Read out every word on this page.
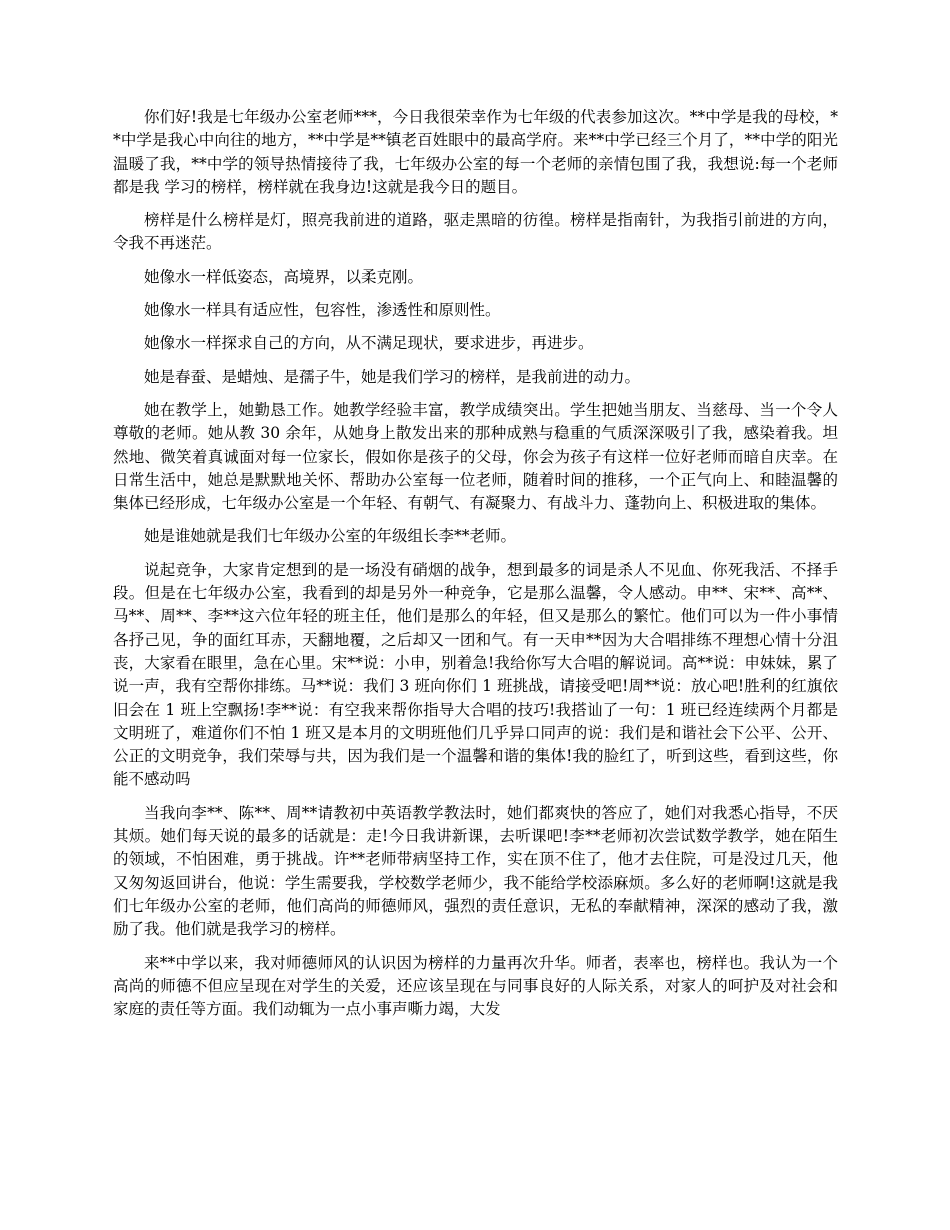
你们好!我是七年级办公室老师***，今日我很荣幸作为七年级的代表参加这次。**中学是我的母校，**中学是我心中向往的地方，**中学是**镇老百姓眼中的最高学府。来**中学已经三个月了，**中学的阳光温暖了我，**中学的领导热情接待了我，七年级办公室的每一个老师的亲情包围了我，我想说:每一个老师都是我 学习的榜样，榜样就在我身边!这就是我今日的题目。

榜样是什么榜样是灯，照亮我前进的道路，驱走黑暗的彷徨。榜样是指南针，为我指引前进的方向，令我不再迷茫。

她像水一样低姿态，高境界，以柔克刚。

她像水一样具有适应性，包容性，渗透性和原则性。

她像水一样探求自己的方向，从不满足现状，要求进步，再进步。

她是春蚕、是蜡烛、是孺子牛，她是我们学习的榜样，是我前进的动力。

她在教学上，她勤恳工作。她教学经验丰富，教学成绩突出。学生把她当朋友、当慈母、当一个令人尊敬的老师。她从教 30 余年，从她身上散发出来的那种成熟与稳重的气质深深吸引了我，感染着我。坦然地、微笑着真诚面对每一位家长，假如你是孩子的父母，你会为孩子有这样一位好老师而暗自庆幸。在日常生活中，她总是默默地关怀、帮助办公室每一位老师，随着时间的推移，一个正气向上、和睦温馨的集体已经形成，七年级办公室是一个年轻、有朝气、有凝聚力、有战斗力、蓬勃向上、积极进取的集体。

她是谁她就是我们七年级办公室的年级组长李**老师。

说起竞争，大家肯定想到的是一场没有硝烟的战争，想到最多的词是杀人不见血、你死我活、不择手段。但是在七年级办公室，我看到的却是另外一种竞争，它是那么温馨，令人感动。申**、宋**、高**、马**、周**、李**这六位年轻的班主任，他们是那么的年轻，但又是那么的繁忙。他们可以为一件小事情各抒己见，争的面红耳赤，天翻地覆，之后却又一团和气。有一天申**因为大合唱排练不理想心情十分沮丧，大家看在眼里，急在心里。宋**说：小申，别着急!我给你写大合唱的解说词。高**说：申妹妹，累了说一声，我有空帮你排练。马**说：我们 3 班向你们 1 班挑战，请接受吧!周**说：放心吧!胜利的红旗依旧会在 1 班上空飘扬!李**说：有空我来帮你指导大合唱的技巧!我搭讪了一句：1 班已经连续两个月都是文明班了，难道你们不怕 1 班又是本月的文明班他们几乎异口同声的说：我们是和谐社会下公平、公开、公正的文明竞争，我们荣辱与共，因为我们是一个温馨和谐的集体!我的脸红了，听到这些，看到这些，你能不感动吗

当我向李**、陈**、周**请教初中英语教学教法时，她们都爽快的答应了，她们对我悉心指导，不厌其烦。她们每天说的最多的话就是：走!今日我讲新课，去听课吧!李**老师初次尝试数学教学，她在陌生的领域，不怕困难，勇于挑战。许**老师带病坚持工作，实在顶不住了，他才去住院，可是没过几天，他又匆匆返回讲台，他说：学生需要我，学校数学老师少，我不能给学校添麻烦。多么好的老师啊!这就是我们七年级办公室的老师，他们高尚的师德师风，强烈的责任意识，无私的奉献精神，深深的感动了我，激励了我。他们就是我学习的榜样。

来**中学以来，我对师德师风的认识因为榜样的力量再次升华。师者，表率也，榜样也。我认为一个高尚的师德不但应呈现在对学生的关爱，还应该呈现在与同事良好的人际关系，对家人的呵护及对社会和家庭的责任等方面。我们动辄为一点小事声嘶力竭，大发
